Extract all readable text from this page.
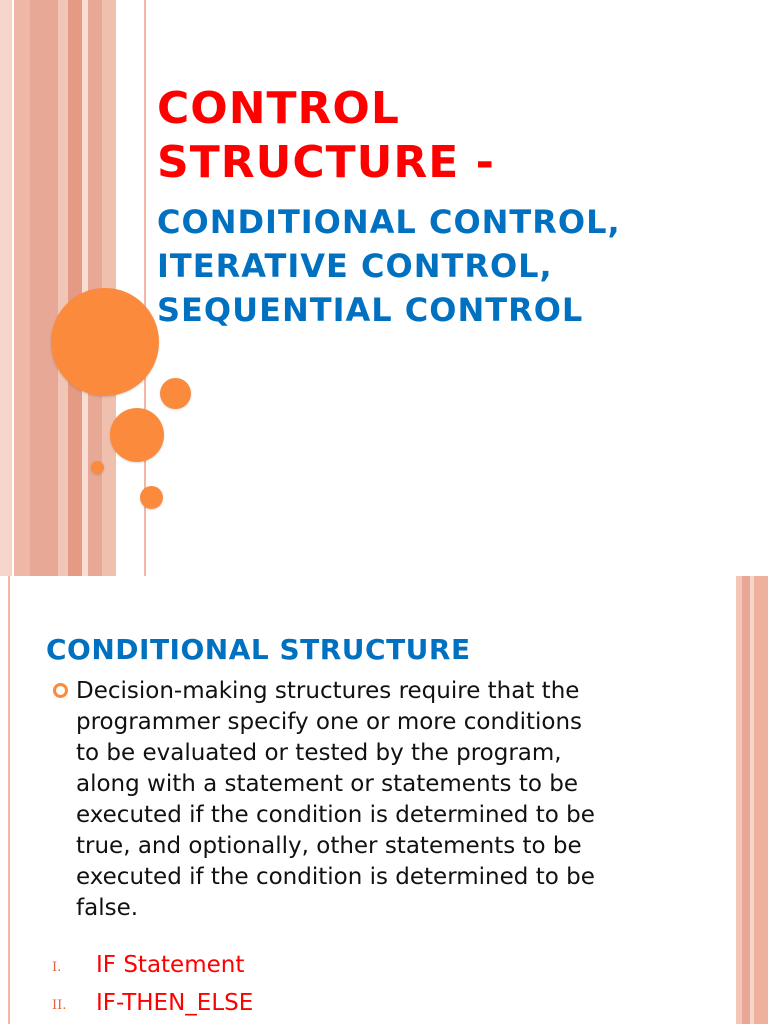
CONTROL
STRUCTURE -
CONDITIONAL CONTROL,
ITERATIVE CONTROL,
SEQUENTIAL CONTROL
CONDITIONAL STRUCTURE

Decision-making structures require that the
programmer specify one or more conditions
to be evaluated or tested by the program,
along with a statement or statements to be
executed if the condition is determined to be
true, and optionally, other statements to be
executed if the condition is determined to be
false.

I. IF Statement
II. IF-THEN_ELSE
